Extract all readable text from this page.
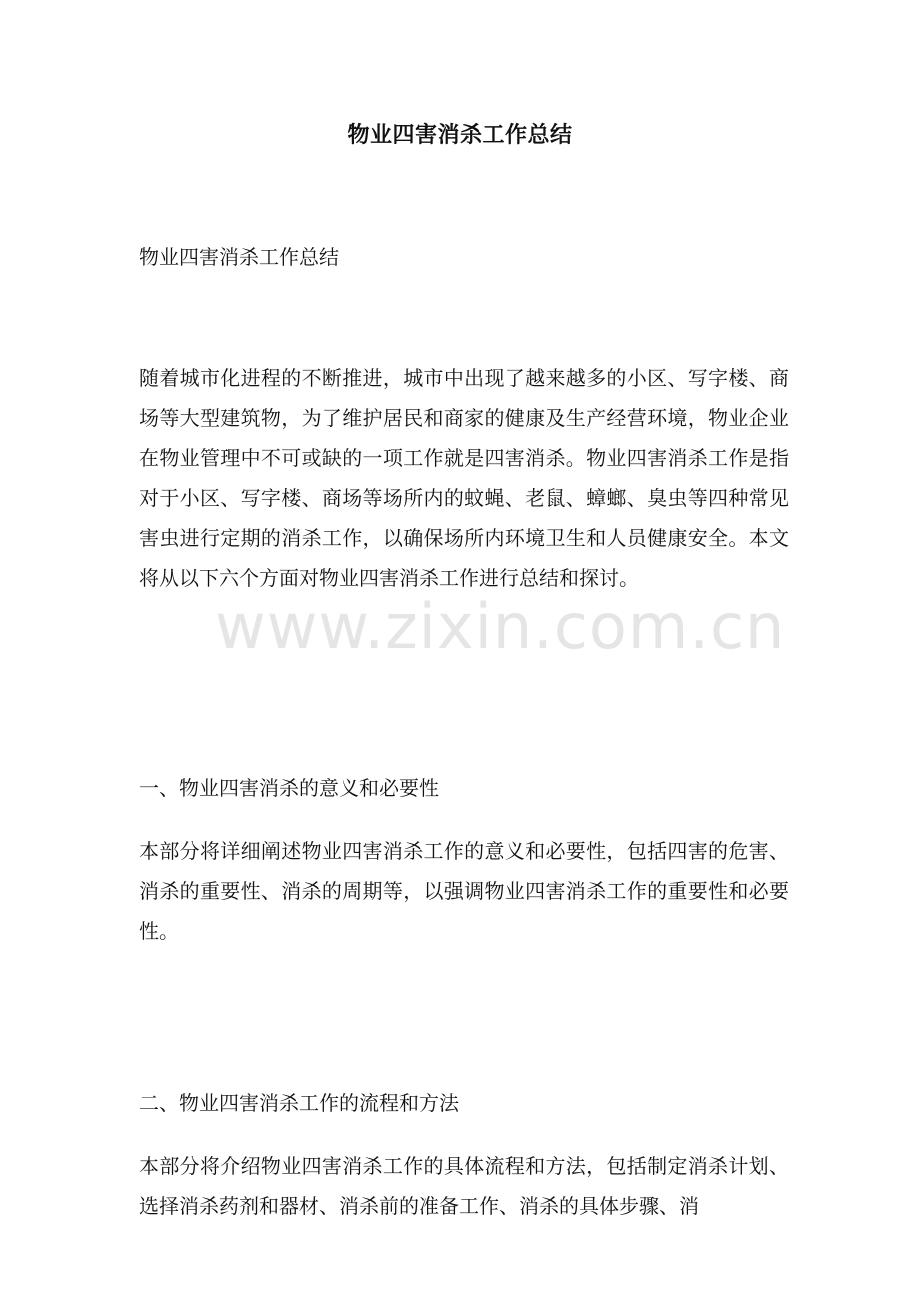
物业四害消杀工作总结
物业四害消杀工作总结

随着城市化进程的不断推进，城市中出现了越来越多的小区、写字楼、商场等大型建筑物，为了维护居民和商家的健康及生产经营环境，物业企业在物业管理中不可或缺的一项工作就是四害消杀。物业四害消杀工作是指对于小区、写字楼、商场等场所内的蚊蝇、老鼠、蟑螂、臭虫等四种常见害虫进行定期的消杀工作，以确保场所内环境卫生和人员健康安全。本文将从以下六个方面对物业四害消杀工作进行总结和探讨。

一、物业四害消杀的意义和必要性

本部分将详细阐述物业四害消杀工作的意义和必要性，包括四害的危害、消杀的重要性、消杀的周期等，以强调物业四害消杀工作的重要性和必要性。

二、物业四害消杀工作的流程和方法

本部分将介绍物业四害消杀工作的具体流程和方法，包括制定消杀计划、选择消杀药剂和器材、消杀前的准备工作、消杀的具体步骤、消

www.zixin.com.cn
